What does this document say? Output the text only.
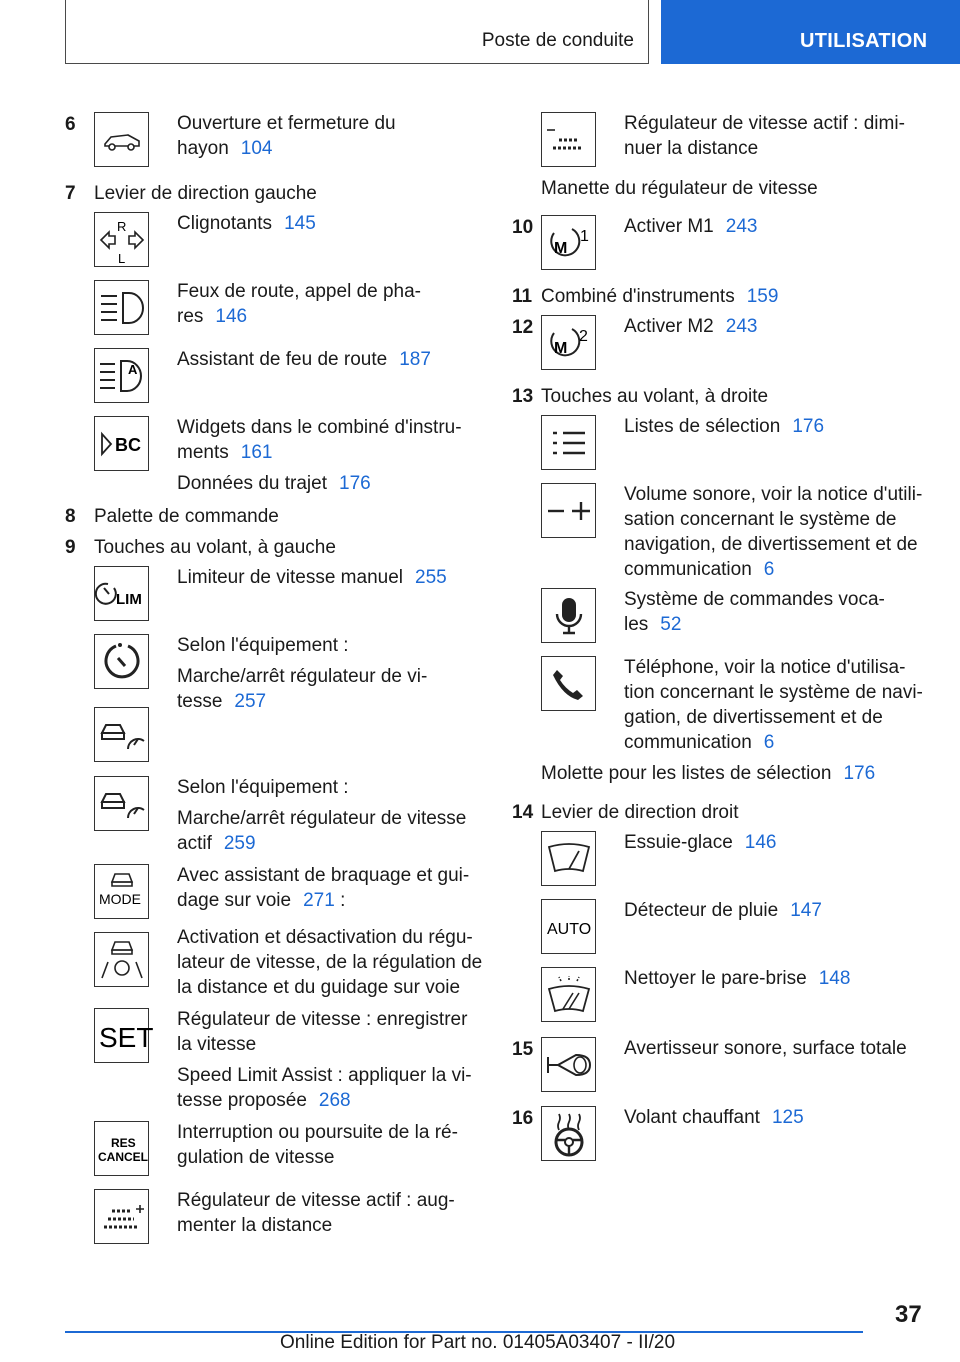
Poste de conduite	UTILISATION
6	Ouverture et fermeture du
hayon 104
7 Levier de direction gauche
R
L
Clignotants 145
Feux de route, appel de pha-
res 146
A Assistant de feu de route 187
BC
Widgets dans le combiné d'instru-
ments 161
Données du trajet 176
8 Palette de commande
9 Touches au volant, à gauche
LIM
Limiteur de vitesse manuel 255
Selon l'équipement :
Marche/arrêt régulateur de vi-
tesse 257
Selon l'équipement :
Marche/arrêt régulateur de vitesse
actif 259
MODE
Avec assistant de braquage et gui-
dage sur voie 271 :
Activation et désactivation du régu-
lateur de vitesse, de la régulation de
la distance et du guidage sur voie
SET
Régulateur de vitesse : enregistrer
la vitesse
Speed Limit Assist : appliquer la vi-
tesse proposée 268
RES
CANCEL
Interruption ou poursuite de la ré-
gulation de vitesse
Régulateur de vitesse actif : aug-
menter la distance
Régulateur de vitesse actif : dimi-
nuer la distance
Manette du régulateur de vitesse
10
M
1 Activer M1 243
11 Combiné d'instruments 159
12
M
2 Activer M2 243
13 Touches au volant, à droite
Listes de sélection 176
Volume sonore, voir la notice d'utili-
sation concernant le système de
navigation, de divertissement et de
communication 6
Système de commandes voca-
les 52
Téléphone, voir la notice d'utilisa-
tion concernant le système de navi-
gation, de divertissement et de
communication 6
Molette pour les listes de sélection 176
14 Levier de direction droit
Essuie-glace 146
AUTO
Détecteur de pluie 147
Nettoyer le pare-brise 148
15	Avertisseur sonore, surface totale
16	Volant chauffant 125
37
Online Edition for Part no. 01405A03407 - II/20
